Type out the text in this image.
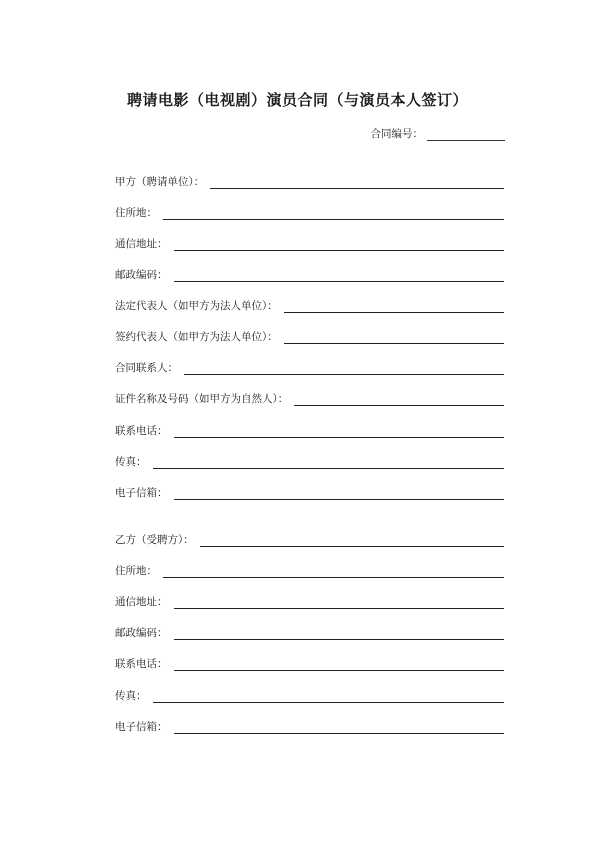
聘请电影（电视剧）演员合同（与演员本人签订）
合同编号：
甲方（聘请单位）：
住所地：
通信地址：
邮政编码：
法定代表人（如甲方为法人单位）：
签约代表人（如甲方为法人单位）：
合同联系人：
证件名称及号码（如甲方为自然人）：
联系电话：
传真：
电子信箱：
乙方（受聘方）：
住所地：
通信地址：
邮政编码：
联系电话：
传真：
电子信箱：
